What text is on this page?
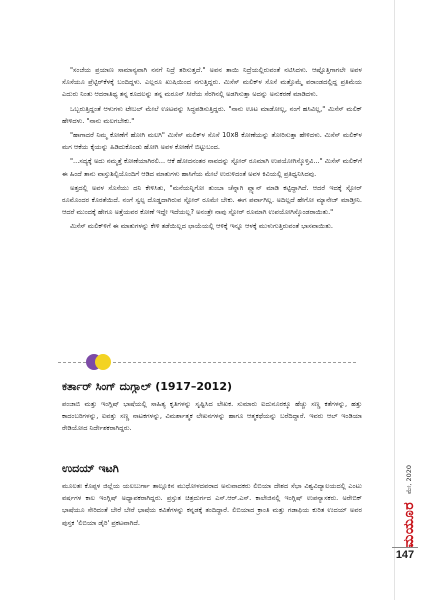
"ಸಂಜೆಯ ಪ್ರಯಾಣ ಸಾಮಾನ್ಯವಾಗಿ ನನಗೆ ನಿದ್ರೆ ತರಿಸುತ್ತದೆ." ಅವನ ತಾಯಿ ನಿದ್ರೆಯಲ್ಲಿರುವಂತೆ ನಟಿಸಿದಳು. ಆಷ್ಟೊತ್ತಿಗಾಗಲೇ ಅವಳ ಸೊಸೆಯೂ ಪ್ರೆಟ್ಟಿರ್‌ಕೆಳಕ್ಕೆ ಬಂದಿದ್ದಳು. ಎಲ್ಲರೂ ಖುಷಿಯಿಂದ ನಗುತ್ತಿದ್ದರು. ಮಿಸೆಸ್ ಮಲಿಕ್‌ಳ ಸೊಸೆ ಮತ್ತೊಮ್ಮೆ ವರಾಂಡದಲ್ಲಿದ್ದ ಪ್ರತಿಮೆಯ ಎದುರು ನಿಂತು ಆದರಾತಿಥ್ಯ ತನ್ನ ಕೂದಲನ್ನು ತನ್ನ ಮರೂನ್ ಸೀರೆಯ ಸೆರಗಿನಲ್ಲಿ ಅಡಗಿಸುತ್ತಾ ಅದನ್ನು ಅನುಕರಣೆ ಮಾಡಿದಳು.

ಒಬ್ಬರುತ್ತಿದ್ದಂತೆ ಆಳುಗಳು ಟೇಬಲ್ ಮೇಲೆ ಊಟವನ್ನು ಸಿದ್ಧಪಡಿಸುತ್ತಿದ್ದರು. "ನಾನು ಊಟ ಮಾಡೋಲ್ಲ, ನಂಗೆ ಹಸಿವಿಲ್ಲ," ಮಿಸೆಸ್ ಮಲಿಕ್ ಹೇಳಿದಳು. "ನಾನು ಮಲಗಬೇಕು."

"ಹಾಗಾದರೆ ನಿಮ್ಮ ಕೋಣೆಗೆ ಹೋಗಿ ಮಲಗಿ" ಮಿಸೆಸ್ ಮಲಿಕ್‌ಳ ಸೊಸೆ 10x8 ಕೋಣೆಯನ್ನು ತೋರಿಸುತ್ತಾ ಹೇಳಿದಳು. ಮಿಸೆಸ್ ಮಲಿಕ್‌ಳ ಮಗ ಆಕೆಯ ಕೈಯನ್ನು ಹಿಡಿದುಕೊಂಡು ಹೋಗಿ ಅವಳ ಕೋಣೆಗೆ ಬಿಟ್ಟುಬಂದ.

"...ಸದ್ಯಕ್ಕೆ ಅದು ನಮ್ಮತ್ತೆ ಕೋಣೆಯಾಗಿರಲಿ... ಆಕೆ ಹೋದನಂತರ ನಾವದನ್ನು ಸ್ಟೋರ್ ರೂಮಾಗಿ ಉಪಯೋಗಿಸ್ಕೊಳ್ತಿವಿ..." ಮಿಸೆಸ್ ಮಲಿಕ್‌ಗೆ ಈ ಹಿಂದೆ ತಾನು ವಾಸ್ತುಶಿಲ್ಪಿಯೊಂದಿಗೆ ಆಡಿದ ಮಾತುಗಳು ಹಾಸಿಗೆಯ ಮೇಲೆ ಉರುಳಿದಂತೆ ಅವಳ ಕಿವಿಯಲ್ಲಿ ಪ್ರತಿಧ್ವನಿಸಿದವು.

ಅತ್ತದಲ್ಲಿ ಅವಳ ಸೊಸೆಯು ದನಿ ಕೇಳಿಸಿತು, "ಮನೆಯನ್ನಿಗೋ ತುಂಬಾ ಚೆನ್ನಾಗಿ ಪ್ಲ್ಯಾನ್ ಮಾಡಿ ಕಟ್ಟಿದ್ದಾಗಿದೆ. ಆದರೆ ಇದಕ್ಕೆ ಸ್ಟೋರ್ ರೂಮೊಂದರ ಕೊರತೆಯಿದೆ. ನಂಗೆ ಸ್ವಲ್ಪ ದೊಡ್ಡದಾಗಿರುವ ಸ್ಟೋರ್ ರೂಮೇ ಬೇಕು. ಈಗ ಪರ್ವಾಗಿಲ್ಲ. ಅದಿಲ್ಲದೆ ಹೇಗೋ ಮ್ಯಾನೇಜ್ ಮಾಡ್ತೀನಿ. ಆದರೆ ಮುಂದಕ್ಕೆ ಹೇಗೂ ಅತ್ತೆಯವರ ಕೋಣೆ ಇದ್ದೇ ಇದೆಯಲ್ಲ? ಅನಂತ್ರೇ ನಾವು ಸ್ಟೋರ್ ರೂಮಾಗಿ ಉಪಯೋಗಿಸ್ಕೊಂಡರಾಯಿತು."

ಮಿಸೆಸ್ ಮಲಿಕ್‌ಳಿಗೆ ಈ ಮಾತುಗಳನ್ನು ಕೇಳಿ ತಡೆಯಿಲ್ಲದ ಛಾಯೆಯಲ್ಲಿ ಆಳಿಕ್ಕೆ ಇನ್ನೂ ಆಳಕ್ಕೆ ಮುಳುಗುತ್ತಿರುವಂತೆ ಭಾಸವಾಯಿತು.

ಕರ್ತಾರ್ ಸಿಂಗ್ ದುಗ್ಗಾಲ್ (1917–2012)

ಪಂಜಾಬಿ ಮತ್ತು ಇಂಗ್ಲಿಷ್ ಭಾಷೆಯಲ್ಲಿ ಸಾಹಿತ್ಯ ಕೃತಿಗಳನ್ನು ಸೃಷ್ಟಿಸಿದ ಲೇಖಕ. ಸುಮಾರು ಐದುನೂರಕ್ಕೂ ಹೆಚ್ಚು ಸಣ್ಣ ಕತೆಗಳನ್ನು, ಹತ್ತು ಕಾದಂಬರಿಗಳನ್ನು, ಐವತ್ತು ಸಣ್ಣ ನಾಟಕಗಳನ್ನು, ವಿಮರ್ಶಾತ್ಮಕ ಲೇಖನಗಳನ್ನು ಹಾಗೂ ಆತ್ಮಕಥೆಯನ್ನು ಬರೆದಿದ್ದಾರೆ. ಇವರು ಆಲ್ ಇಂಡಿಯಾ ರೇಡಿಯೋದ ನಿರ್ದೇಶಕರಾಗಿದ್ದರು.

ಉದಯ್ ಇಟಗಿ

ಮೂಲತಃ ಕೊಪ್ಪಳ ಜಿಲ್ಲೆಯ ಯಲಬುರ್ಗಾ ತಾಲ್ಲೂಕಿನ ಮುಧೋಳದವರಾದ ಅನುವಾದಕರು ಲಿಬಿಯಾ ದೇಶದ ಸೆಭಾ ವಿಶ್ವವಿದ್ಯಾಲಯದಲ್ಲಿ ಎಂಟು ವರ್ಷಗಳ ಕಾಲ ಇಂಗ್ಲಿಷ್ ಅಧ್ಯಾಪಕರಾಗಿದ್ದರು. ಪ್ರಸ್ತುತ ಚಿತ್ರದುರ್ಗದ ಎಸ್.ಆರ್.ಎಸ್. ಕಾಲೇಜಿನಲ್ಲಿ ಇಂಗ್ಲಿಷ್ ಉಪನ್ಯಾಸಕರು. ಅರೇಬಿಕ್ ಭಾಷೆಯೂ ಸೇರಿದಂತೆ ಬೇರೆ ಬೇರೆ ಭಾಷೆಯ ಕವಿತೆಗಳನ್ನು ಕನ್ನಡಕ್ಕೆ ತಂದಿದ್ದಾರೆ. ಲಿಬಿಯಾದ ಕ್ರಾಂತಿ ಮತ್ತು ಗಡಾಫಿಯ ಕುರಿತ ಉದಯ್ ಅವರ ಪುಸ್ತಕ 'ಲಿಬಿಯಾ ಡೈರಿ' ಪ್ರಕಟವಾಗಿದೆ.	ಮಯೂರ
ಮೇ, 2020
147
